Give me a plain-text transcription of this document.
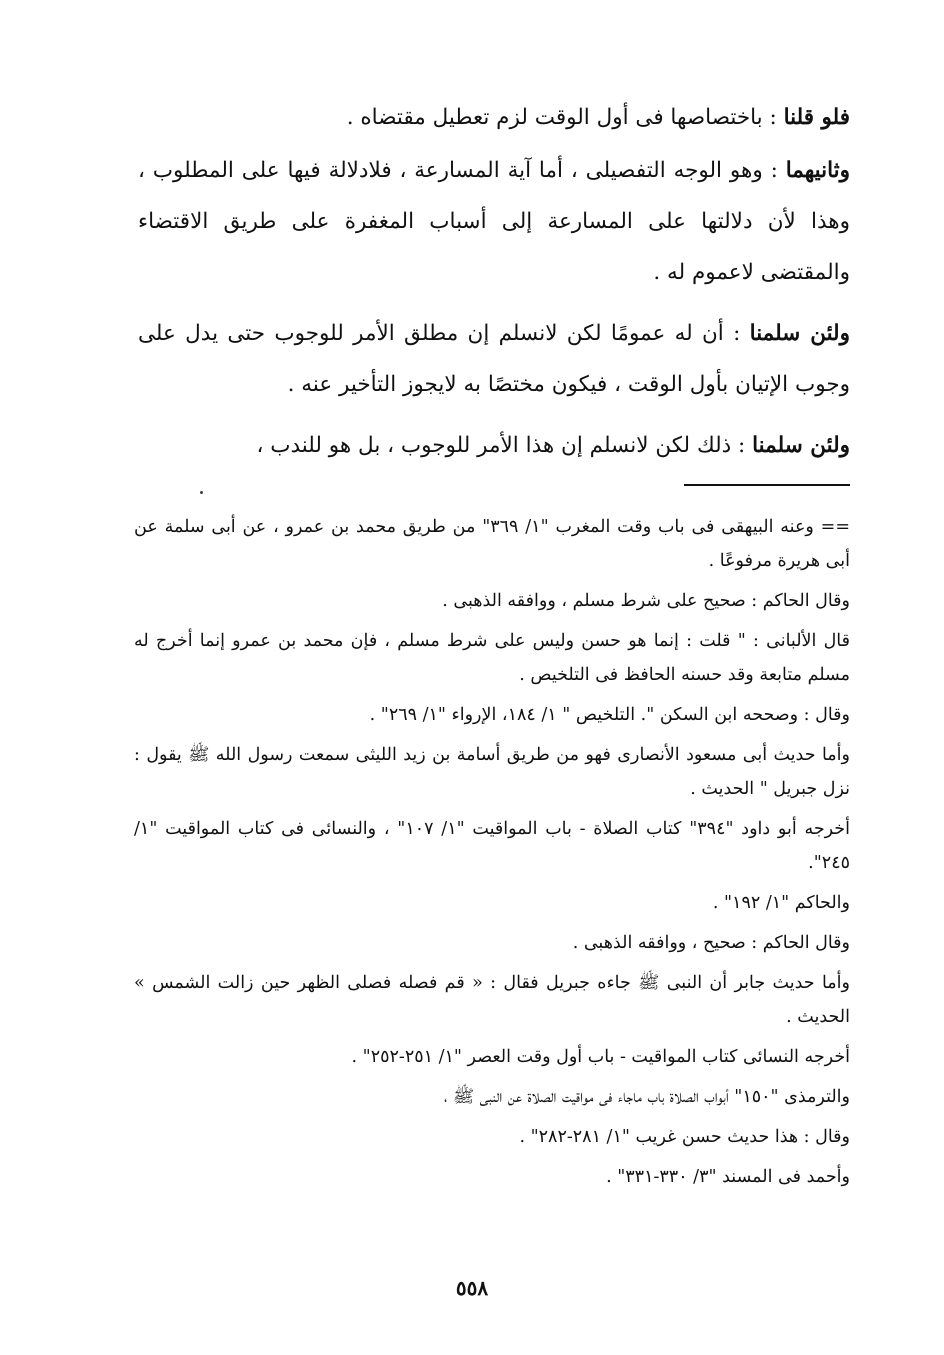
فلو قلنا : باختصاصها فى أول الوقت لزم تعطيل مقتضاه .

وثانيهما : وهو الوجه التفصيلى ، أما آية المسارعة ، فلادلالة فيها على المطلوب ، وهذا لأن دلالتها على المسارعة إلى أسباب المغفرة على طريق الاقتضاء والمقتضى لاعموم له .

ولئن سلمنا : أن له عمومًا لكن لانسلم إن مطلق الأمر للوجوب حتى يدل على وجوب الإتيان بأول الوقت ، فيكون مختصًا به لايجوز التأخير عنه .

ولئن سلمنا : ذلك لكن لانسلم إن هذا الأمر للوجوب ، بل هو للندب ،

== وعنه البيهقى فى باب وقت المغرب "١/ ٣٦٩" من طريق محمد بن عمرو ، عن أبى سلمة عن أبى هريرة مرفوعًا .

وقال الحاكم : صحيح على شرط مسلم ، ووافقه الذهبى .

قال الألبانى : " قلت : إنما هو حسن وليس على شرط مسلم ، فإن محمد بن عمرو إنما أخرج له مسلم متابعة وقد حسنه الحافظ فى التلخيص .

وقال : وصححه ابن السكن ". التلخيص " ١/ ١٨٤، الإرواء "١/ ٢٦٩" .

وأما حديث أبى مسعود الأنصارى فهو من طريق أسامة بن زيد الليثى سمعت رسول الله ﷺ يقول : نزل جبريل " الحديث .

أخرجه أبو داود "٣٩٤" كتاب الصلاة - باب المواقيت "١/ ١٠٧" ، والنسائى فى كتاب المواقيت "١/ ٢٤٥".

والحاكم "١/ ١٩٢" .

وقال الحاكم : صحيح ، ووافقه الذهبى .

وأما حديث جابر أن النبى ﷺ جاءه جبريل فقال : « قم فصله فصلى الظهر حين زالت الشمس » الحديث .

أخرجه النسائى كتاب المواقيت - باب أول وقت العصر "١/ ٢٥١-٢٥٢" .

والترمذى "١٥٠" أبواب الصلاة باب ماجاء فى مواقيت الصلاة عن النبى ﷺ ،

وقال : هذا حديث حسن غريب "١/ ٢٨١-٢٨٢" .

وأحمد فى المسند "٣/ ٣٣٠-٣٣١" .

٥٥٨
